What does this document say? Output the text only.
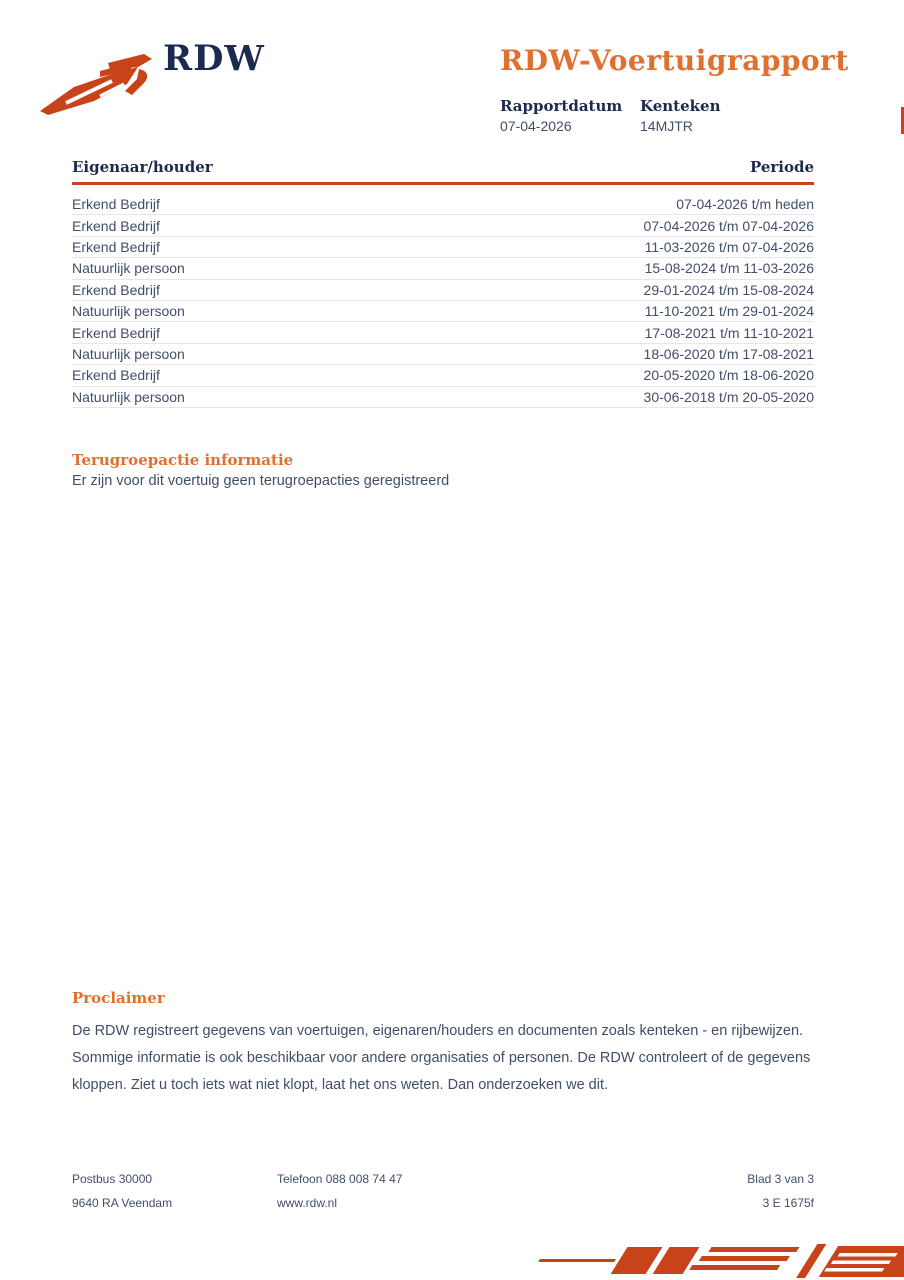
RDW	RDW-Voertuigrapport
Rapportdatum
07-04-2026
Kenteken
14MJTR
Eigenaar/houder	Periode
Erkend Bedrijf	07-04-2026 t/m heden
Erkend Bedrijf	07-04-2026 t/m 07-04-2026
Erkend Bedrijf	11-03-2026 t/m 07-04-2026
Natuurlijk persoon	15-08-2024 t/m 11-03-2026
Erkend Bedrijf	29-01-2024 t/m 15-08-2024
Natuurlijk persoon	11-10-2021 t/m 29-01-2024
Erkend Bedrijf	17-08-2021 t/m 11-10-2021
Natuurlijk persoon	18-06-2020 t/m 17-08-2021
Erkend Bedrijf	20-05-2020 t/m 18-06-2020
Natuurlijk persoon	30-06-2018 t/m 20-05-2020
Terugroepactie informatie
Er zijn voor dit voertuig geen terugroepacties geregistreerd
Proclaimer
De RDW registreert gegevens van voertuigen, eigenaren/houders en documenten zoals kenteken - en rijbewijzen. Sommige informatie is ook beschikbaar voor andere organisaties of personen. De RDW controleert of de gegevens kloppen. Ziet u toch iets wat niet klopt, laat het ons weten. Dan onderzoeken we dit.
Postbus 30000
9640 RA Veendam
Telefoon 088 008 74 47
www.rdw.nl
Blad 3 van 3
3 E 1675f
